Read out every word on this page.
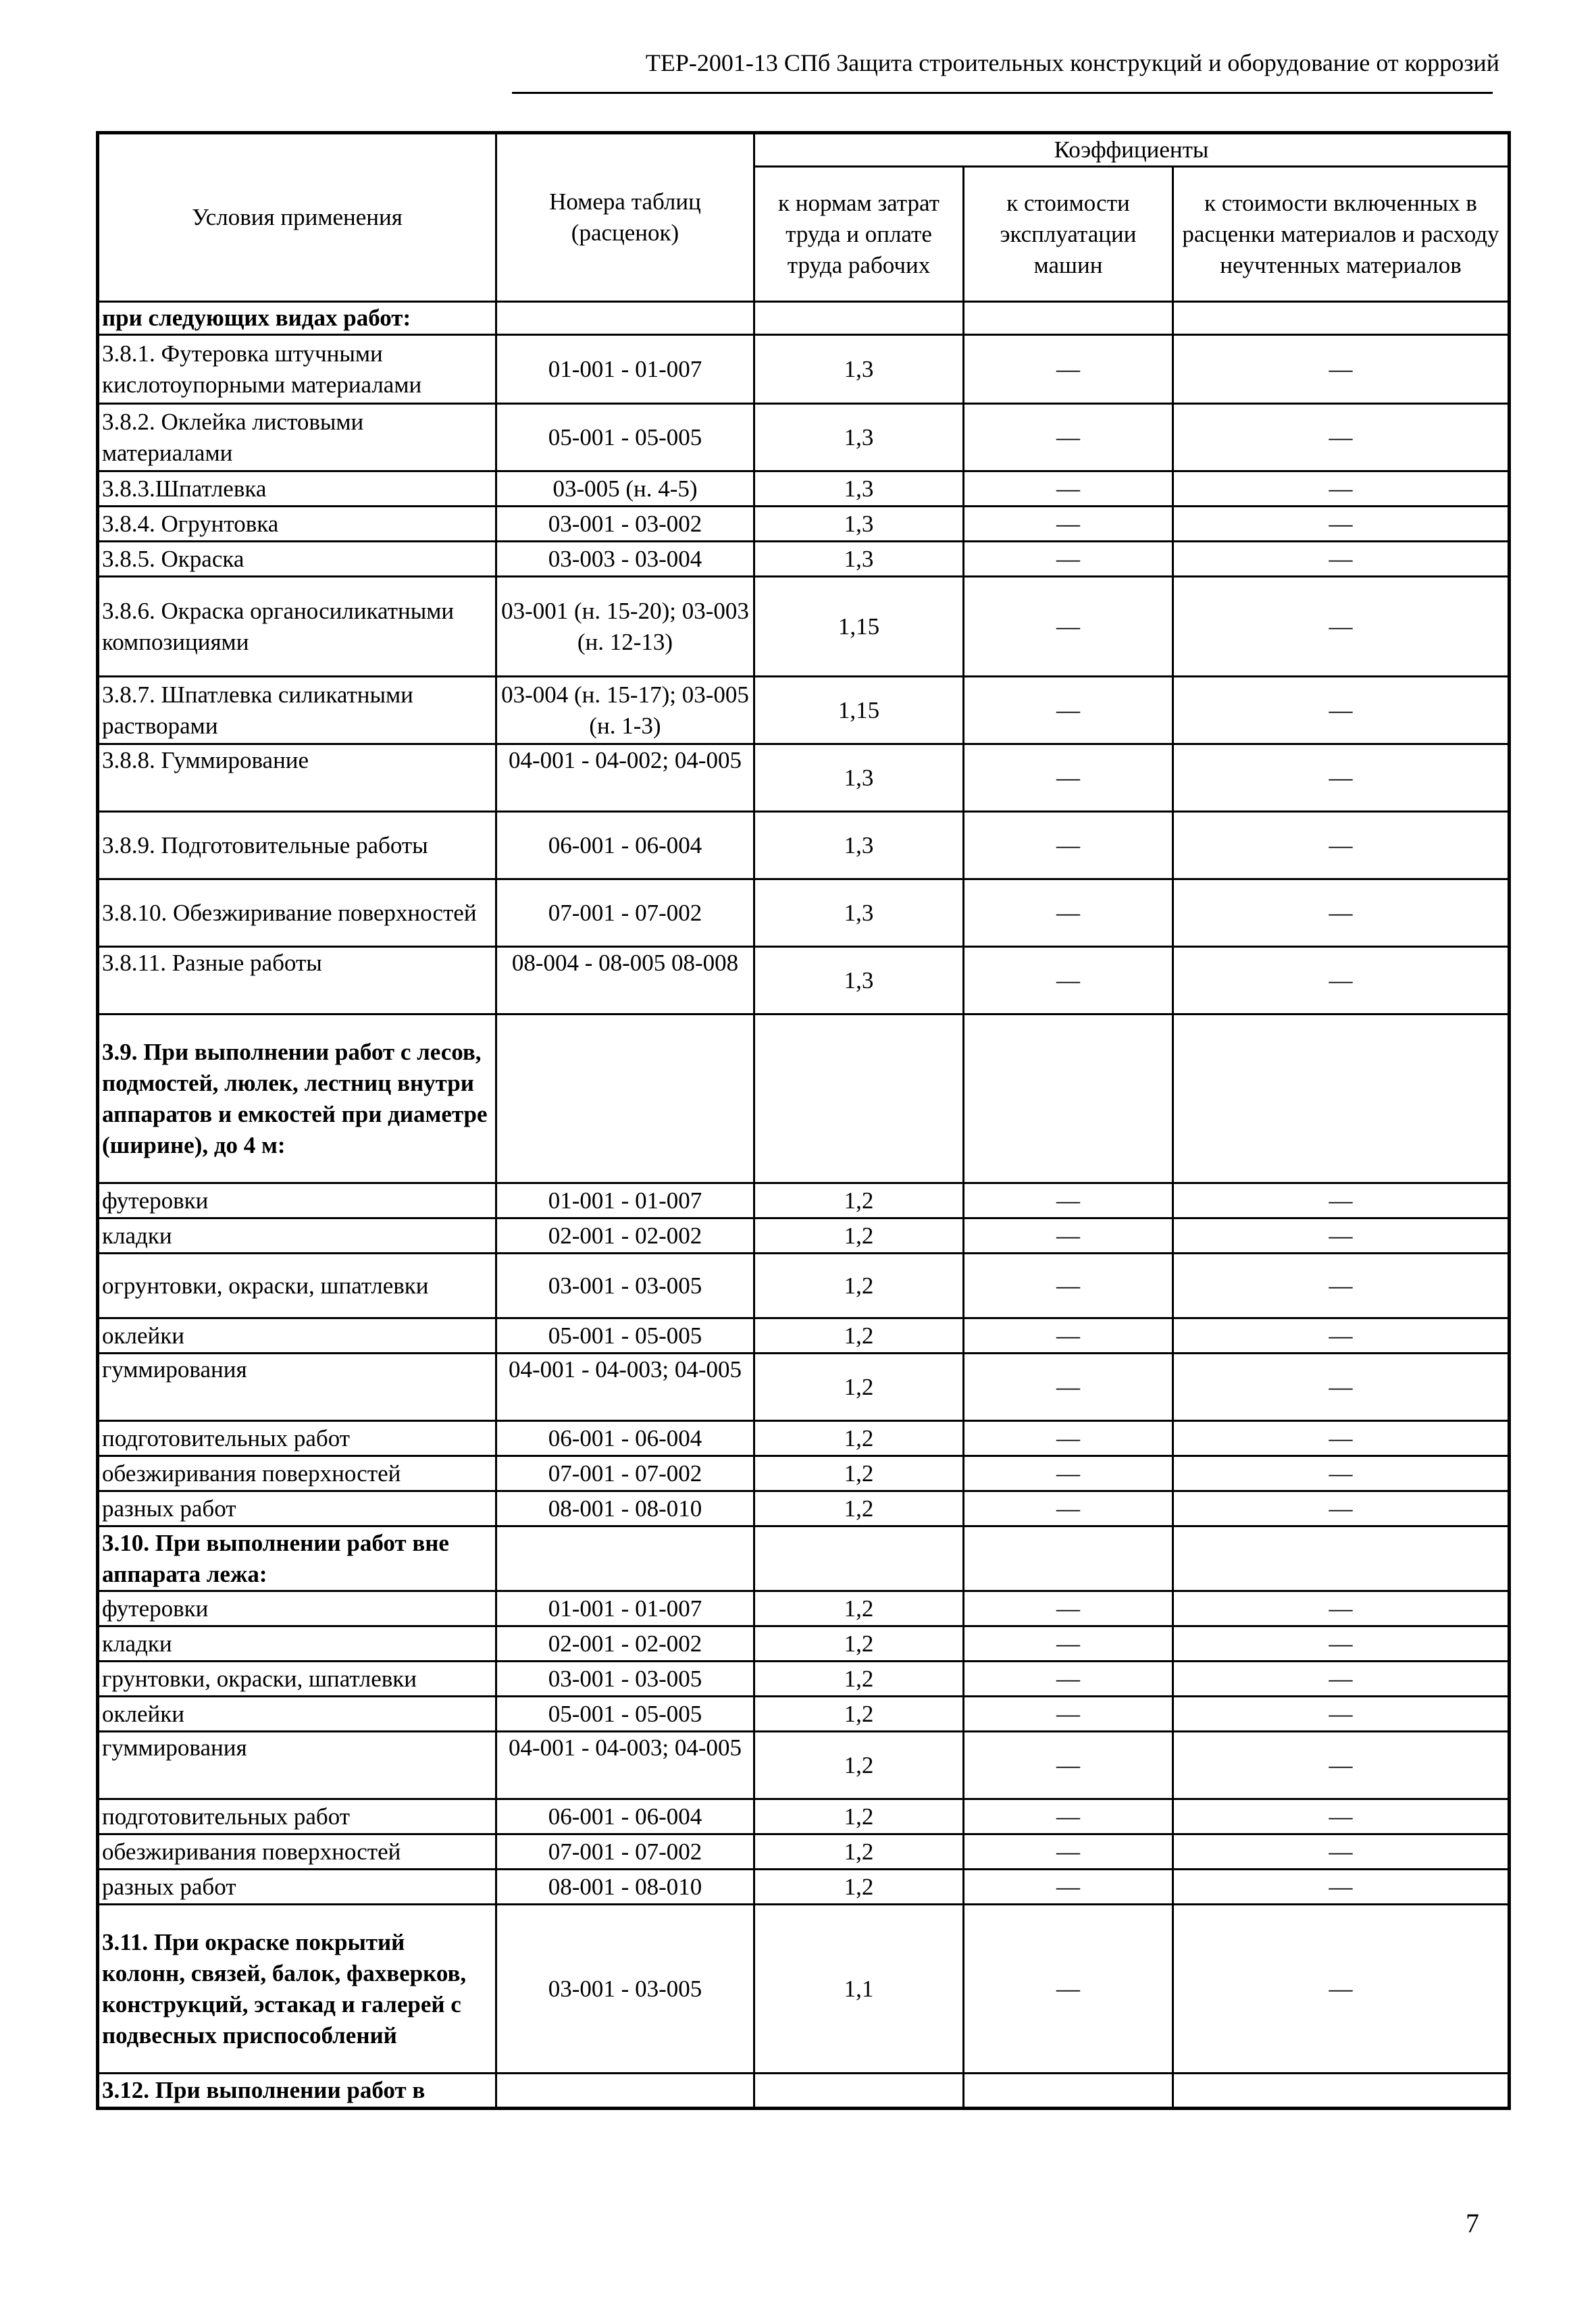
ТЕР-2001-13 СПб Защита строительных конструкций и оборудование от коррозий
Условия применения	Номера таблиц (расценок)	Коэффициенты		
		к нормам затрат труда и оплате труда рабочих	к стоимости эксплуатации машин	к стоимости включенных в расценки материалов и расходу неучтенных материалов
при следующих видах работ:				
3.8.1. Футеровка штучными кислотоупорными материалами	01-001 - 01-007	1,3	—	—
3.8.2. Оклейка листовыми материалами	05-001 - 05-005	1,3	—	—
3.8.3.Шпатлевка	03-005 (н. 4-5)	1,3	—	—
3.8.4. Огрунтовка	03-001 - 03-002	1,3	—	—
3.8.5. Окраска	03-003 - 03-004	1,3	—	—
3.8.6. Окраска органосиликатными композициями	03-001 (н. 15-20); 03-003 (н. 12-13)	1,15	—	—
3.8.7. Шпатлевка силикатными растворами	03-004 (н. 15-17); 03-005 (н. 1-3)	1,15	—	—
3.8.8. Гуммирование	04-001 - 04-002; 04-005	1,3	—	—
3.8.9. Подготовительные работы	06-001 - 06-004	1,3	—	—
3.8.10. Обезжиривание поверхностей	07-001 - 07-002	1,3	—	—
3.8.11. Разные работы	08-004 - 08-005 08-008	1,3	—	—
3.9. При выполнении работ с лесов, подмостей, люлек, лестниц внутри аппаратов и емкостей при диаметре (ширине), до 4 м:				
футеровки	01-001 - 01-007	1,2	—	—
кладки	02-001 - 02-002	1,2	—	—
огрунтовки, окраски, шпатлевки	03-001 - 03-005	1,2	—	—
оклейки	05-001 - 05-005	1,2	—	—
гуммирования	04-001 - 04-003; 04-005	1,2	—	—
подготовительных работ	06-001 - 06-004	1,2	—	—
обезжиривания поверхностей	07-001 - 07-002	1,2	—	—
разных работ	08-001 - 08-010	1,2	—	—
3.10. При выполнении работ вне аппарата лежа:				
футеровки	01-001 - 01-007	1,2	—	—
кладки	02-001 - 02-002	1,2	—	—
грунтовки, окраски, шпатлевки	03-001 - 03-005	1,2	—	—
оклейки	05-001 - 05-005	1,2	—	—
гуммирования	04-001 - 04-003; 04-005	1,2	—	—
подготовительных работ	06-001 - 06-004	1,2	—	—
обезжиривания поверхностей	07-001 - 07-002	1,2	—	—
разных работ	08-001 - 08-010	1,2	—	—
3.11. При окраске покрытий колонн, связей, балок, фахверков, конструкций, эстакад и галерей с подвесных приспособлений	03-001 - 03-005	1,1	—	—
3.12. При выполнении работ в				
7
